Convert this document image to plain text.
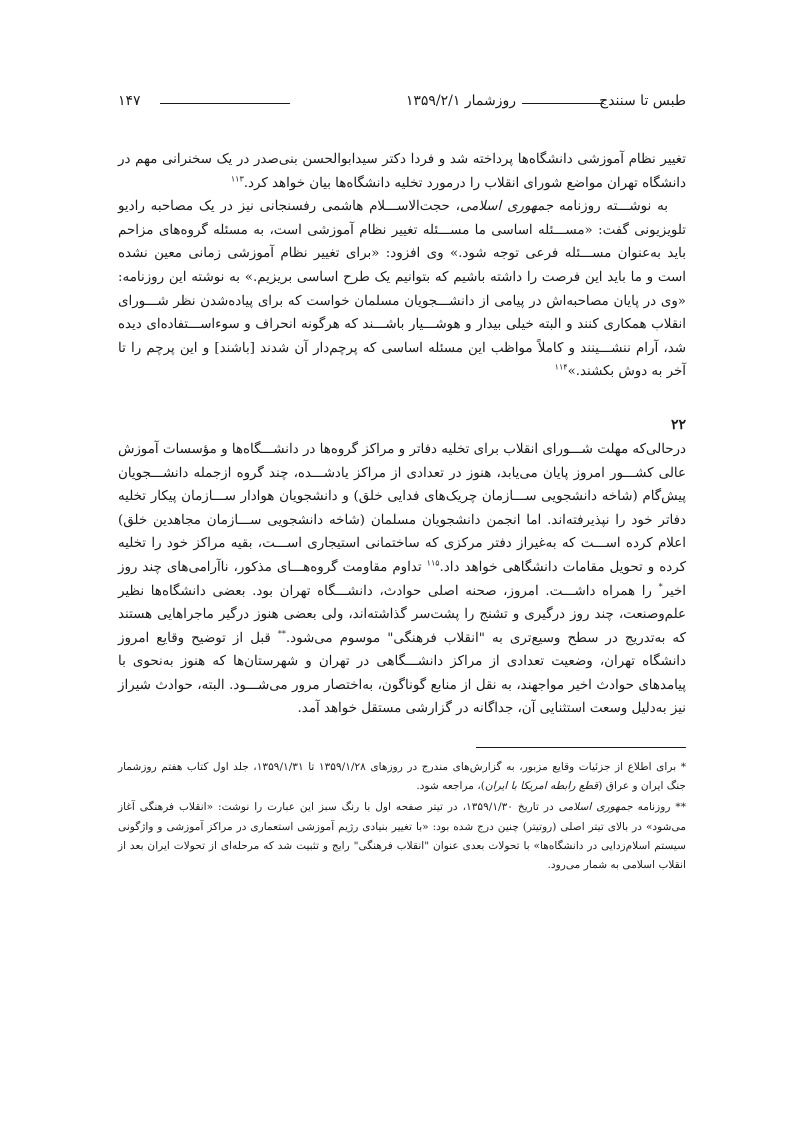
طبس تا سنندج
روزشمار ۱۳۵۹/۲/۱
۱۴۷

تغییر نظام آموزشی دانشگاه‌ها پرداخته شد و فردا دکتر سیدابوالحسن بنی‌صدر در یک سخنرانی مهم در دانشگاه تهران مواضع شورای انقلاب را درمورد تخلیه دانشگاه‌ها بیان خواهد کرد.$^{۱۱۳}$

به نوشـــته روزنامه جمهوری اسلامی، حجت‌الاســـلام هاشمی رفسنجانی نیز در یک مصاحبه رادیو تلویزیونی گفت: «مســـئله اساسی ما مســـئله تغییر نظام آموزشی است، به مسئله گروه‌های مزاحم باید به‌عنوان مســـئله فرعی توجه شود.» وی افزود: «برای تغییر نظام آموزشی زمانی معین نشده است و ما باید این فرصت را داشته باشیم که بتوانیم یک طرح اساسی بریزیم.» به نوشته این روزنامه: «وی در پایان مصاحبه‌اش در پیامی از دانشـــجویان مسلمان خواست که برای پیاده‌شدن نظر شـــورای انقلاب همکاری کنند و البته خیلی بیدار و هوشـــیار باشـــند که هرگونه انحراف و سوءاســـتفاده‌ای دیده شد، آرام ننشـــینند و کاملاً مواظب این مسئله اساسی که پرچم‌دار آن شدند [باشند] و این پرچم را تا آخر به دوش بکشند.»$^{۱۱۴}$

۲۲

درحالی‌که مهلت شـــورای انقلاب برای تخلیه دفاتر و مراکز گروه‌ها در دانشـــگاه‌ها و مؤسسات آموزش عالی کشـــور امروز پایان می‌یابد، هنوز در تعدادی از مراکز یادشـــده، چند گروه ازجمله دانشـــجویان پیش‌گام (شاخه دانشجویی ســـازمان چریک‌های فدایی خلق) و دانشجویان هوادار ســـازمان پیکار تخلیه دفاتر خود را نپذیرفته‌اند. اما انجمن دانشجویان مسلمان (شاخه دانشجویی ســـازمان مجاهدین خلق) اعلام کرده اســـت که به‌غیراز دفتر مرکزی که ساختمانی استیجاری اســـت، بقیه مراکز خود را تخلیه کرده و تحویل مقامات دانشگاهی خواهد داد.$^{۱۱۵}$ تداوم مقاومت گروه‌هـــای مذکور، ناآرامی‌های چند روز اخیر* را همراه داشـــت. امروز، صحنه اصلی حوادث، دانشـــگاه تهران بود. بعضی دانشگاه‌ها نظیر علم‌وصنعت، چند روز درگیری و تشنج را پشت‌سر گذاشته‌اند، ولی بعضی هنوز درگیر ماجراهایی هستند که به‌تدریج در سطح وسیع‌تری به "انقلاب فرهنگی" موسوم می‌شود.** قبل از توضیح وقایع امروز دانشگاه تهران، وضعیت تعدادی از مراکز دانشـــگاهی در تهران و شهرستان‌ها که هنوز به‌نحوی با پیامدهای حوادث اخیر مواجهند، به نقل از منابع گوناگون، به‌اختصار مرور می‌شـــود. البته، حوادث شیراز نیز به‌دلیل وسعت استثنایی آن، جداگانه در گزارشی مستقل خواهد آمد.

* برای اطلاع از جزئیات وقایع مزبور، به گزارش‌های مندرج در روزهای ۱۳۵۹/۱/۲۸ تا ۱۳۵۹/۱/۳۱، جلد اول کتاب هفتم روزشمار جنگ ایران و عراق (قطع رابطه امریکا با ایران)، مراجعه شود.

** روزنامه جمهوری اسلامی در تاریخ ۱۳۵۹/۱/۳۰، در تیتر صفحه اول با رنگ سبز این عبارت را نوشت: «انقلاب فرهنگی آغاز می‌شود» در بالای تیتر اصلی (روتیتر) چنین درج شده بود: «با تغییر بنیادی رژیم آموزشی استعماری در مراکز آموزشی و واژگونی سیستم اسلام‌زدایی در دانشگاه‌ها» با تحولات بعدی عنوان "انقلاب فرهنگی" رایج و تثبیت شد که مرحله‌ای از تحولات ایران بعد از انقلاب اسلامی به شمار می‌رود.
